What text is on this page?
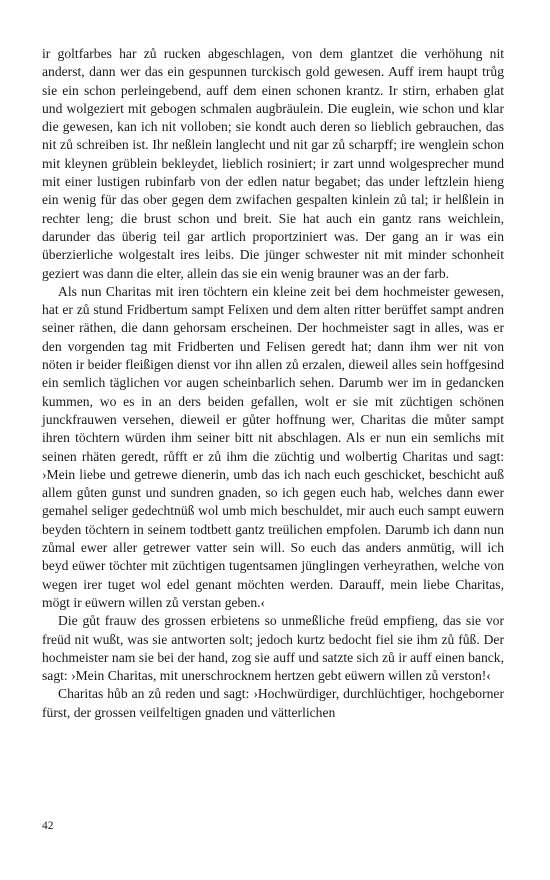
ir goltfarbes har zů rucken abgeschlagen, von dem glantzet die verhöhung nit anderst, dann wer das ein gespunnen turckisch gold gewesen. Auff irem haupt trůg sie ein schon perleingebend, auff dem einen schonen krantz. Ir stirn, erhaben glat und wolgeziert mit gebogen schmalen augbräulein. Die euglein, wie schon und klar die gewesen, kan ich nit volloben; sie kondt auch deren so lieblich gebrauchen, das nit zů schreiben ist. Ihr neßlein langlecht und nit gar zů scharpff; ire wenglein schon mit kleynen grüblein bekleydet, lieblich rosiniert; ir zart unnd wolgesprecher mund mit einer lustigen rubinfarb von der edlen natur begabet; das under leftzlein hieng ein wenig für das ober gegen dem zwifachen gespalten kinlein zů tal; ir helßlein in rechter leng; die brust schon und breit. Sie hat auch ein gantz rans weichlein, darunder das überig teil gar artlich proportziniert was. Der gang an ir was ein überzierliche wolgestalt ires leibs. Die jünger schwester nit mit minder schonheit geziert was dann die elter, allein das sie ein wenig brauner was an der farb.

Als nun Charitas mit iren töchtern ein kleine zeit bei dem hochmeister gewesen, hat er zů stund Fridbertum sampt Felixen und dem alten ritter berüffet sampt andren seiner räthen, die dann gehorsam erscheinen. Der hochmeister sagt in alles, was er den vorgenden tag mit Fridberten und Felisen geredt hat; dann ihm wer nit von nöten ir beider fleißigen dienst vor ihn allen zů erzalen, dieweil alles sein hoffgesind ein semlich täglichen vor augen scheinbarlich sehen. Darumb wer im in gedancken kummen, wo es in an ders beiden gefallen, wolt er sie mit züchtigen schönen junckfrauwen versehen, dieweil er gůter hoffnung wer, Charitas die můter sampt ihren töchtern würden ihm seiner bitt nit abschlagen. Als er nun ein semlichs mit seinen rhäten geredt, růfft er zů ihm die züchtig und wolbertig Charitas und sagt: ›Mein liebe und getrewe dienerin, umb das ich nach euch geschicket, beschicht auß allem gůten gunst und sundren gnaden, so ich gegen euch hab, welches dann ewer gemahel seliger gedechtnüß wol umb mich beschuldet, mir auch euch sampt euwern beyden töchtern in seinem todtbett gantz treülichen empfolen. Darumb ich dann nun zůmal ewer aller getrewer vatter sein will. So euch das anders anmütig, will ich beyd eüwer töchter mit züchtigen tugentsamen jünglingen verheyrathen, welche von wegen irer tuget wol edel genant möchten werden. Darauff, mein liebe Charitas, mögt ir eüwern willen zů verstan geben.‹

Die gůt frauw des grossen erbietens so unmeßliche freüd empfieng, das sie vor freüd nit wußt, was sie antworten solt; jedoch kurtz bedocht fiel sie ihm zů fůß. Der hochmeister nam sie bei der hand, zog sie auff und satzte sich zů ir auff einen banck, sagt: ›Mein Charitas, mit unerschrocknem hertzen gebt eüwern willen zů verston!‹

Charitas hůb an zů reden und sagt: ›Hochwürdiger, durchlüchtiger, hochgeborner fürst, der grossen veilfeltigen gnaden und vätterlichen

42
